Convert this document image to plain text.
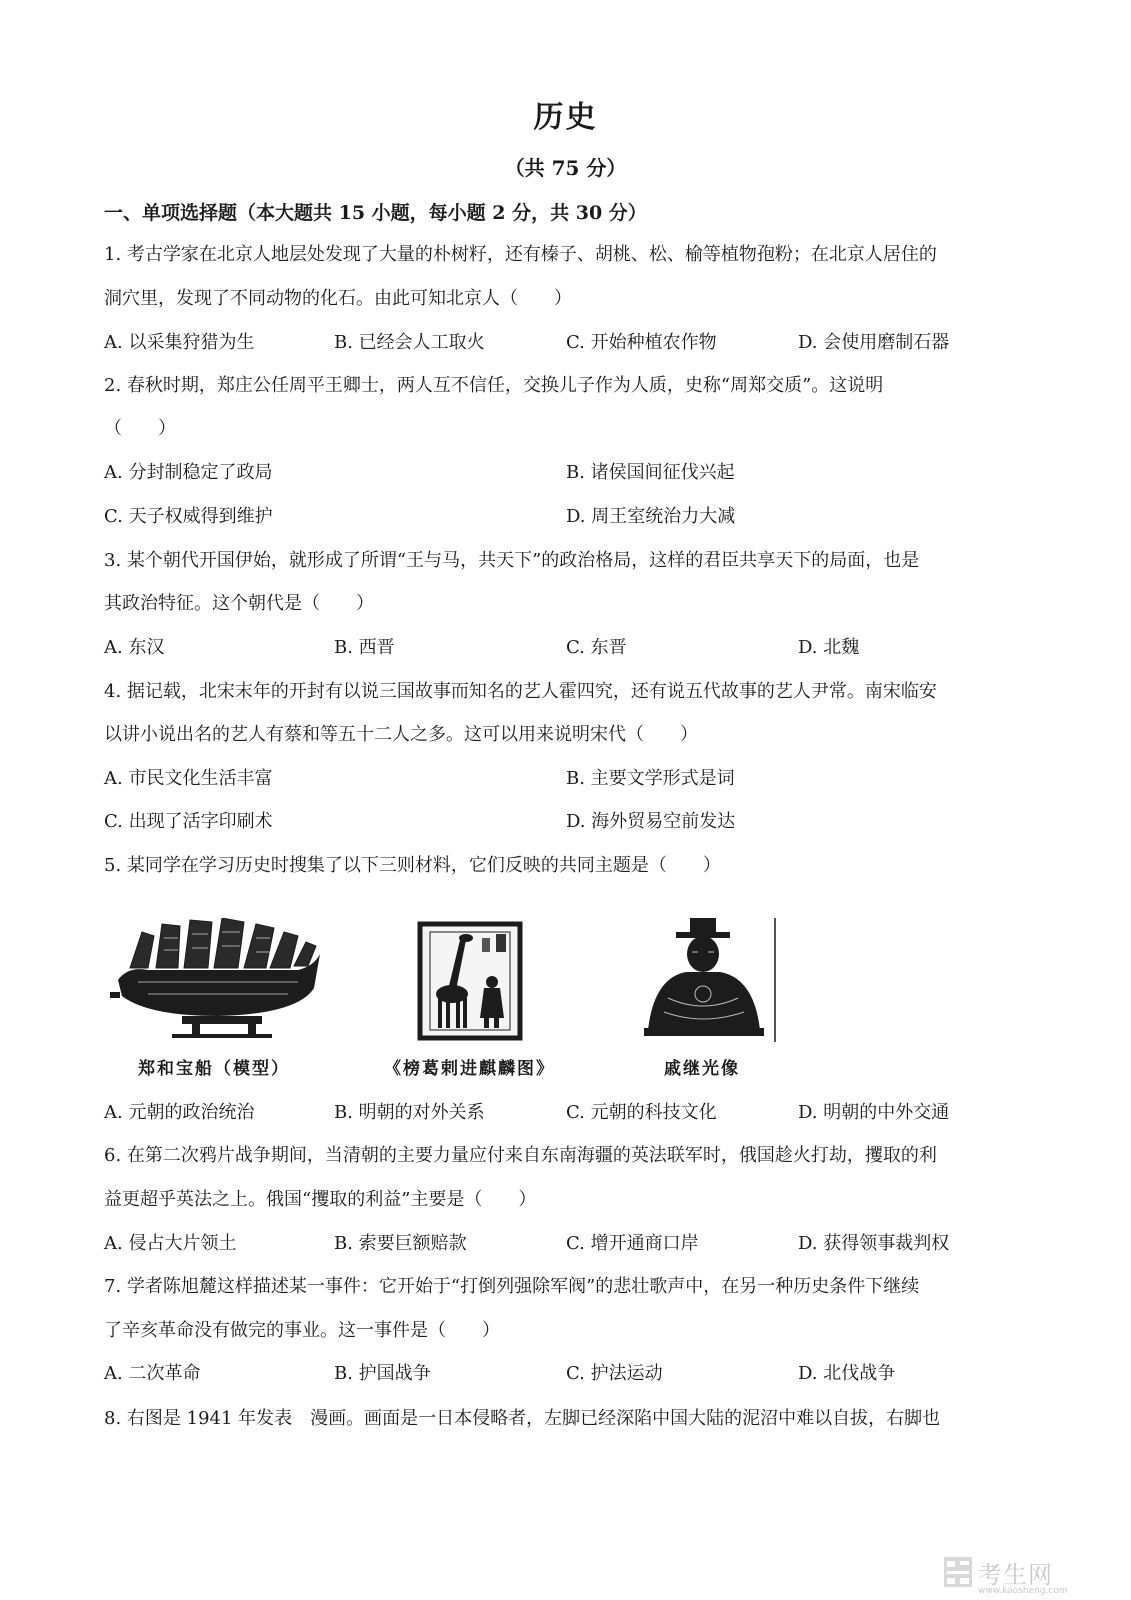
历史
（共 75 分）
一、单项选择题（本大题共 15 小题，每小题 2 分，共 30 分）
1. 考古学家在北京人地层处发现了大量的朴树籽，还有榛子、胡桃、松、榆等植物孢粉；在北京人居住的
洞穴里，发现了不同动物的化石。由此可知北京人（　　）
A. 以采集狩猎为生	B. 已经会人工取火	C. 开始种植农作物	D. 会使用磨制石器
2. 春秋时期，郑庄公任周平王卿士，两人互不信任，交换儿子作为人质，史称“周郑交质”。这说明
（　　）
A. 分封制稳定了政局	B. 诸侯国间征伐兴起
C. 天子权威得到维护	D. 周王室统治力大减
3. 某个朝代开国伊始，就形成了所谓“王与马，共天下”的政治格局，这样的君臣共享天下的局面，也是
其政治特征。这个朝代是（　　）
A. 东汉	B. 西晋	C. 东晋	D. 北魏
4. 据记载，北宋末年的开封有以说三国故事而知名的艺人霍四究，还有说五代故事的艺人尹常。南宋临安
以讲小说出名的艺人有蔡和等五十二人之多。这可以用来说明宋代（　　）
A. 市民文化生活丰富	B. 主要文学形式是词
C. 出现了活字印刷术	D. 海外贸易空前发达
5. 某同学在学习历史时搜集了以下三则材料，它们反映的共同主题是（　　）
郑和宝船（模型）	《榜葛剌进麒麟图》	戚继光像
A. 元朝的政治统治	B. 明朝的对外关系	C. 元朝的科技文化	D. 明朝的中外交通
6. 在第二次鸦片战争期间，当清朝的主要力量应付来自东南海疆的英法联军时，俄国趁火打劫，攫取的利
益更超乎英法之上。俄国“攫取的利益”主要是（　　）
A. 侵占大片领土	B. 索要巨额赔款	C. 增开通商口岸	D. 获得领事裁判权
7. 学者陈旭麓这样描述某一事件：它开始于“打倒列强除军阀”的悲壮歌声中，在另一种历史条件下继续
了辛亥革命没有做完的事业。这一事件是（　　）
A. 二次革命	B. 护国战争	C. 护法运动	D. 北伐战争
8. 右图是 1941 年发表　漫画。画面是一日本侵略者，左脚已经深陷中国大陆的泥沼中难以自拔，右脚也
考生网
www.kaosheng.com
